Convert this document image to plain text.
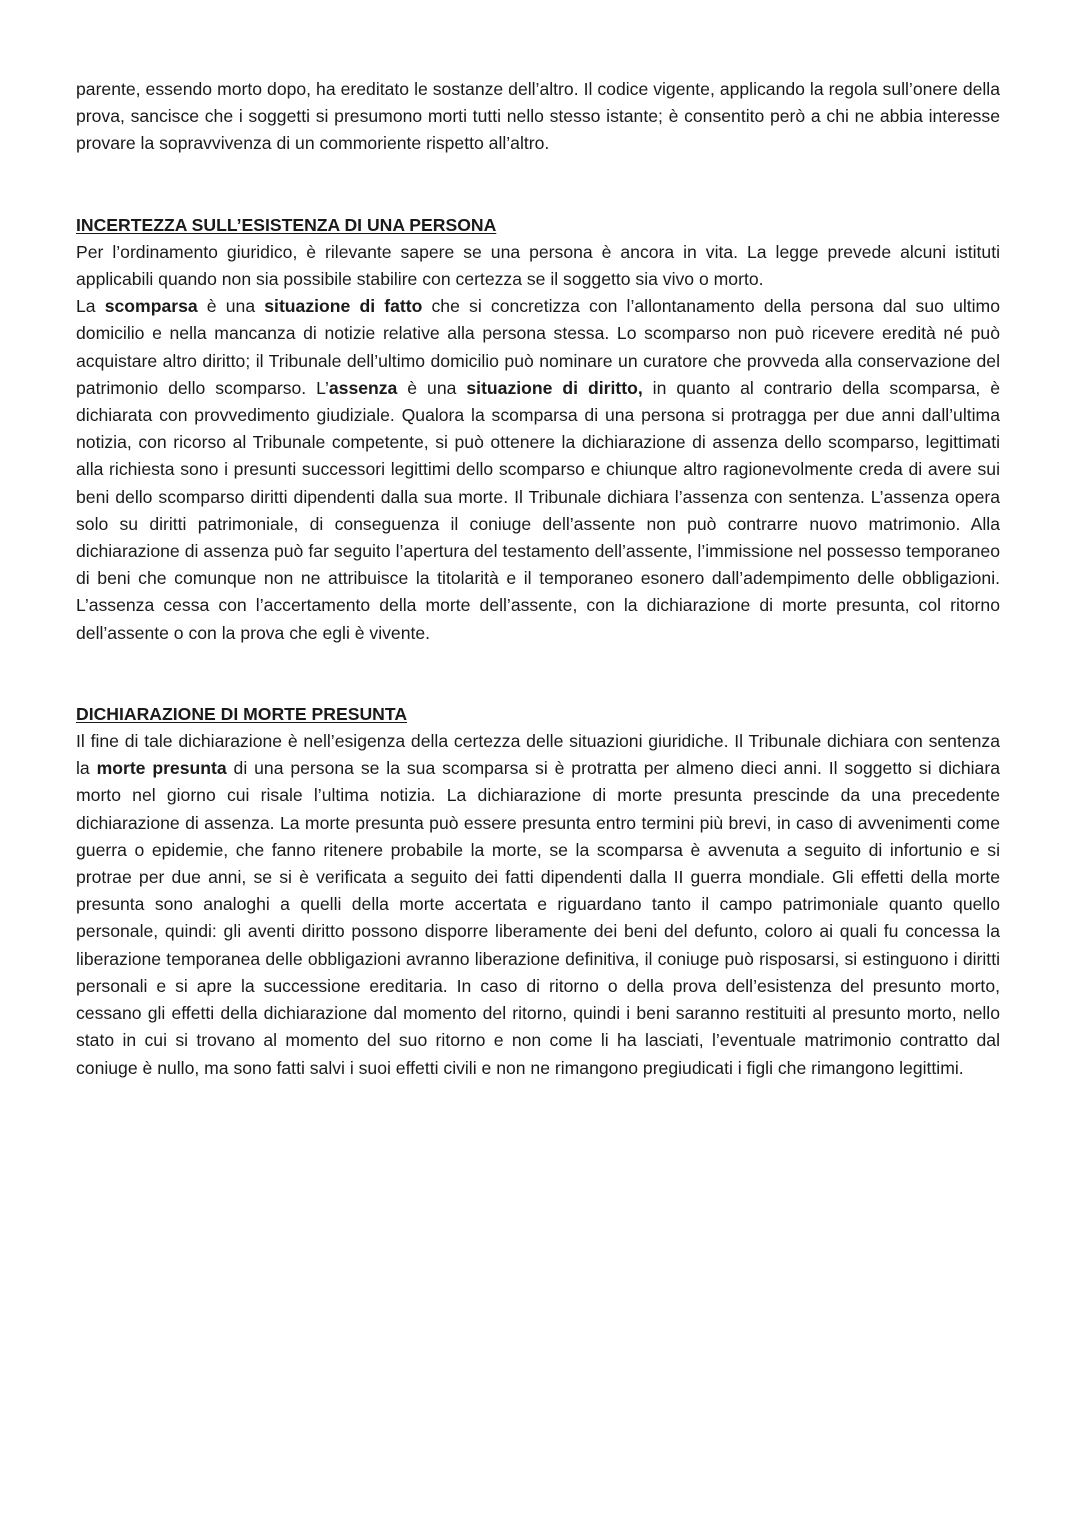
parente, essendo morto dopo, ha ereditato le sostanze dell’altro. Il codice vigente, applicando la regola sull’onere della prova, sancisce che i soggetti si presumono morti tutti nello stesso istante; è consentito però a chi ne abbia interesse provare la sopravvivenza di un commoriente rispetto all’altro.

INCERTEZZA SULL’ESISTENZA DI UNA PERSONA

Per l’ordinamento giuridico, è rilevante sapere se una persona è ancora in vita. La legge prevede alcuni istituti applicabili quando non sia possibile stabilire con certezza se il soggetto sia vivo o morto.

La scomparsa è una situazione di fatto che si concretizza con l’allontanamento della persona dal suo ultimo domicilio e nella mancanza di notizie relative alla persona stessa. Lo scomparso non può ricevere eredità né può acquistare altro diritto; il Tribunale dell’ultimo domicilio può nominare un curatore che provveda alla conservazione del patrimonio dello scomparso. L’assenza è una situazione di diritto, in quanto al contrario della scomparsa, è dichiarata con provvedimento giudiziale. Qualora la scomparsa di una persona si protragga per due anni dall’ultima notizia, con ricorso al Tribunale competente, si può ottenere la dichiarazione di assenza dello scomparso, legittimati alla richiesta sono i presunti successori legittimi dello scomparso e chiunque altro ragionevolmente creda di avere sui beni dello scomparso diritti dipendenti dalla sua morte. Il Tribunale dichiara l’assenza con sentenza. L’assenza opera solo su diritti patrimoniale, di conseguenza il coniuge dell’assente non può contrarre nuovo matrimonio. Alla dichiarazione di assenza può far seguito l’apertura del testamento dell’assente, l’immissione nel possesso temporaneo di beni che comunque non ne attribuisce la titolarità e il temporaneo esonero dall’adempimento delle obbligazioni. L’assenza cessa con l’accertamento della morte dell’assente, con la dichiarazione di morte presunta, col ritorno dell’assente o con la prova che egli è vivente.

DICHIARAZIONE DI MORTE PRESUNTA

Il fine di tale dichiarazione è nell’esigenza della certezza delle situazioni giuridiche. Il Tribunale dichiara con sentenza la morte presunta di una persona se la sua scomparsa si è protratta per almeno dieci anni. Il soggetto si dichiara morto nel giorno cui risale l’ultima notizia. La dichiarazione di morte presunta prescinde da una precedente dichiarazione di assenza. La morte presunta può essere presunta entro termini più brevi, in caso di avvenimenti come guerra o epidemie, che fanno ritenere probabile la morte, se la scomparsa è avvenuta a seguito di infortunio e si protrae per due anni, se si è verificata a seguito dei fatti dipendenti dalla II guerra mondiale. Gli effetti della morte presunta sono analoghi a quelli della morte accertata e riguardano tanto il campo patrimoniale quanto quello personale, quindi: gli aventi diritto possono disporre liberamente dei beni del defunto, coloro ai quali fu concessa la liberazione temporanea delle obbligazioni avranno liberazione definitiva, il coniuge può risposarsi, si estinguono i diritti personali e si apre la successione ereditaria. In caso di ritorno o della prova dell’esistenza del presunto morto, cessano gli effetti della dichiarazione dal momento del ritorno, quindi i beni saranno restituiti al presunto morto, nello stato in cui si trovano al momento del suo ritorno e non come li ha lasciati, l’eventuale matrimonio contratto dal coniuge è nullo, ma sono fatti salvi i suoi effetti civili e non ne rimangono pregiudicati i figli che rimangono legittimi.
